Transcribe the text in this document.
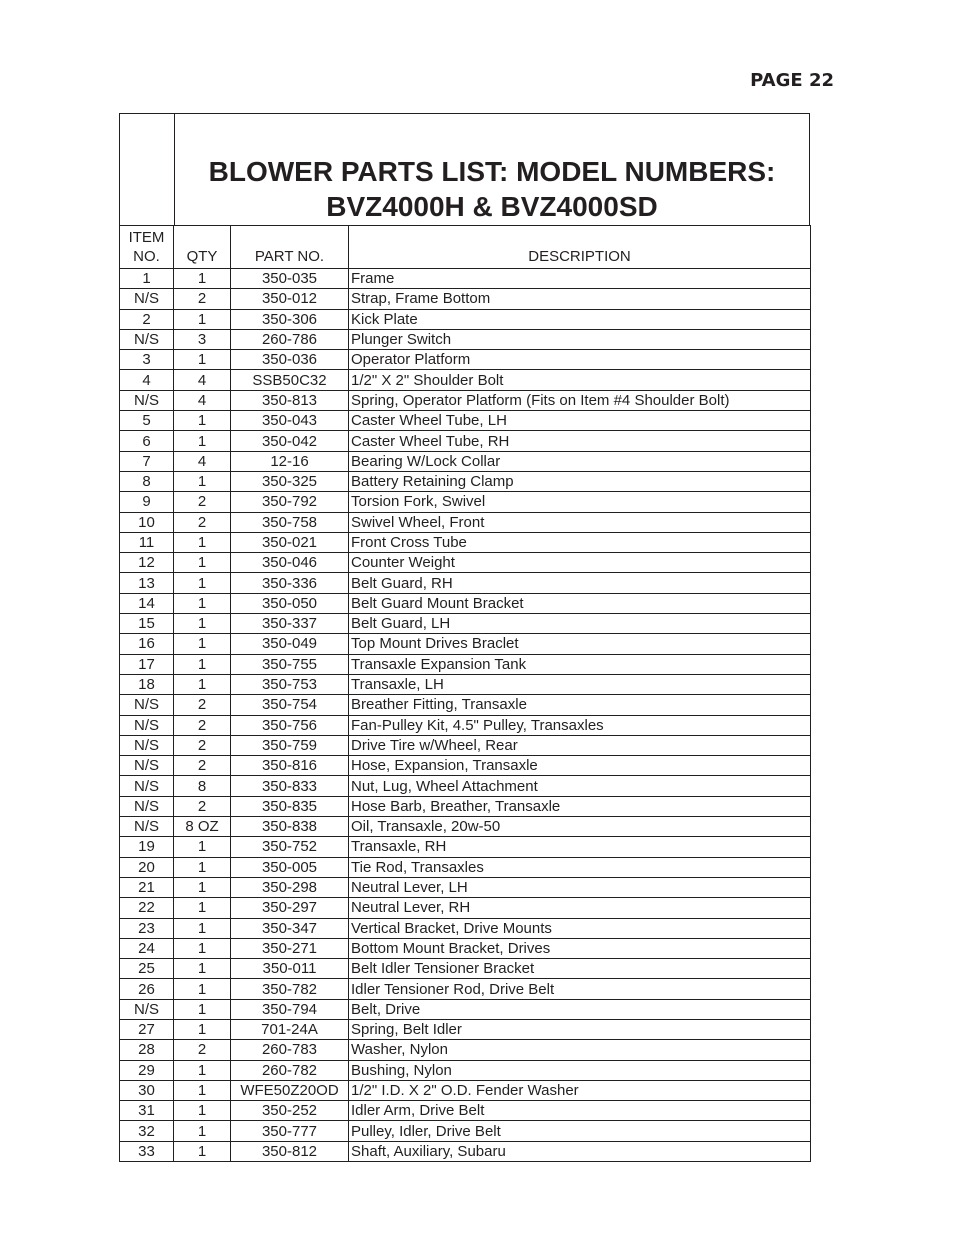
PAGE 22
BLOWER PARTS LIST: MODEL NUMBERS:
BVZ4000H & BVZ4000SD
ITEM
NO.	QTY	PART NO.	DESCRIPTION
1	1	350-035	Frame
N/S	2	350-012	Strap, Frame Bottom
2	1	350-306	Kick Plate
N/S	3	260-786	Plunger Switch
3	1	350-036	Operator Platform
4	4	SSB50C32	1/2" X 2" Shoulder Bolt
N/S	4	350-813	Spring, Operator Platform (Fits on Item #4 Shoulder Bolt)
5	1	350-043	Caster Wheel Tube, LH
6	1	350-042	Caster Wheel Tube, RH
7	4	12-16	Bearing W/Lock Collar
8	1	350-325	Battery Retaining Clamp
9	2	350-792	Torsion Fork, Swivel
10	2	350-758	Swivel Wheel, Front
11	1	350-021	Front Cross Tube
12	1	350-046	Counter Weight
13	1	350-336	Belt Guard, RH
14	1	350-050	Belt Guard Mount Bracket
15	1	350-337	Belt Guard, LH
16	1	350-049	Top Mount Drives Braclet
17	1	350-755	Transaxle Expansion Tank
18	1	350-753	Transaxle, LH
N/S	2	350-754	Breather Fitting, Transaxle
N/S	2	350-756	Fan-Pulley Kit, 4.5" Pulley, Transaxles
N/S	2	350-759	Drive Tire w/Wheel, Rear
N/S	2	350-816	Hose, Expansion, Transaxle
N/S	8	350-833	Nut, Lug, Wheel Attachment
N/S	2	350-835	Hose Barb, Breather, Transaxle
N/S	8 OZ	350-838	Oil, Transaxle, 20w-50
19	1	350-752	Transaxle, RH
20	1	350-005	Tie Rod, Transaxles
21	1	350-298	Neutral Lever, LH
22	1	350-297	Neutral Lever, RH
23	1	350-347	Vertical Bracket, Drive Mounts
24	1	350-271	Bottom Mount Bracket, Drives
25	1	350-011	Belt Idler Tensioner Bracket
26	1	350-782	Idler Tensioner Rod, Drive Belt
N/S	1	350-794	Belt, Drive
27	1	701-24A	Spring, Belt Idler
28	2	260-783	Washer, Nylon
29	1	260-782	Bushing, Nylon
30	1	WFE50Z20OD	1/2" I.D. X 2" O.D. Fender Washer
31	1	350-252	Idler Arm, Drive Belt
32	1	350-777	Pulley, Idler, Drive Belt
33	1	350-812	Shaft, Auxiliary, Subaru
